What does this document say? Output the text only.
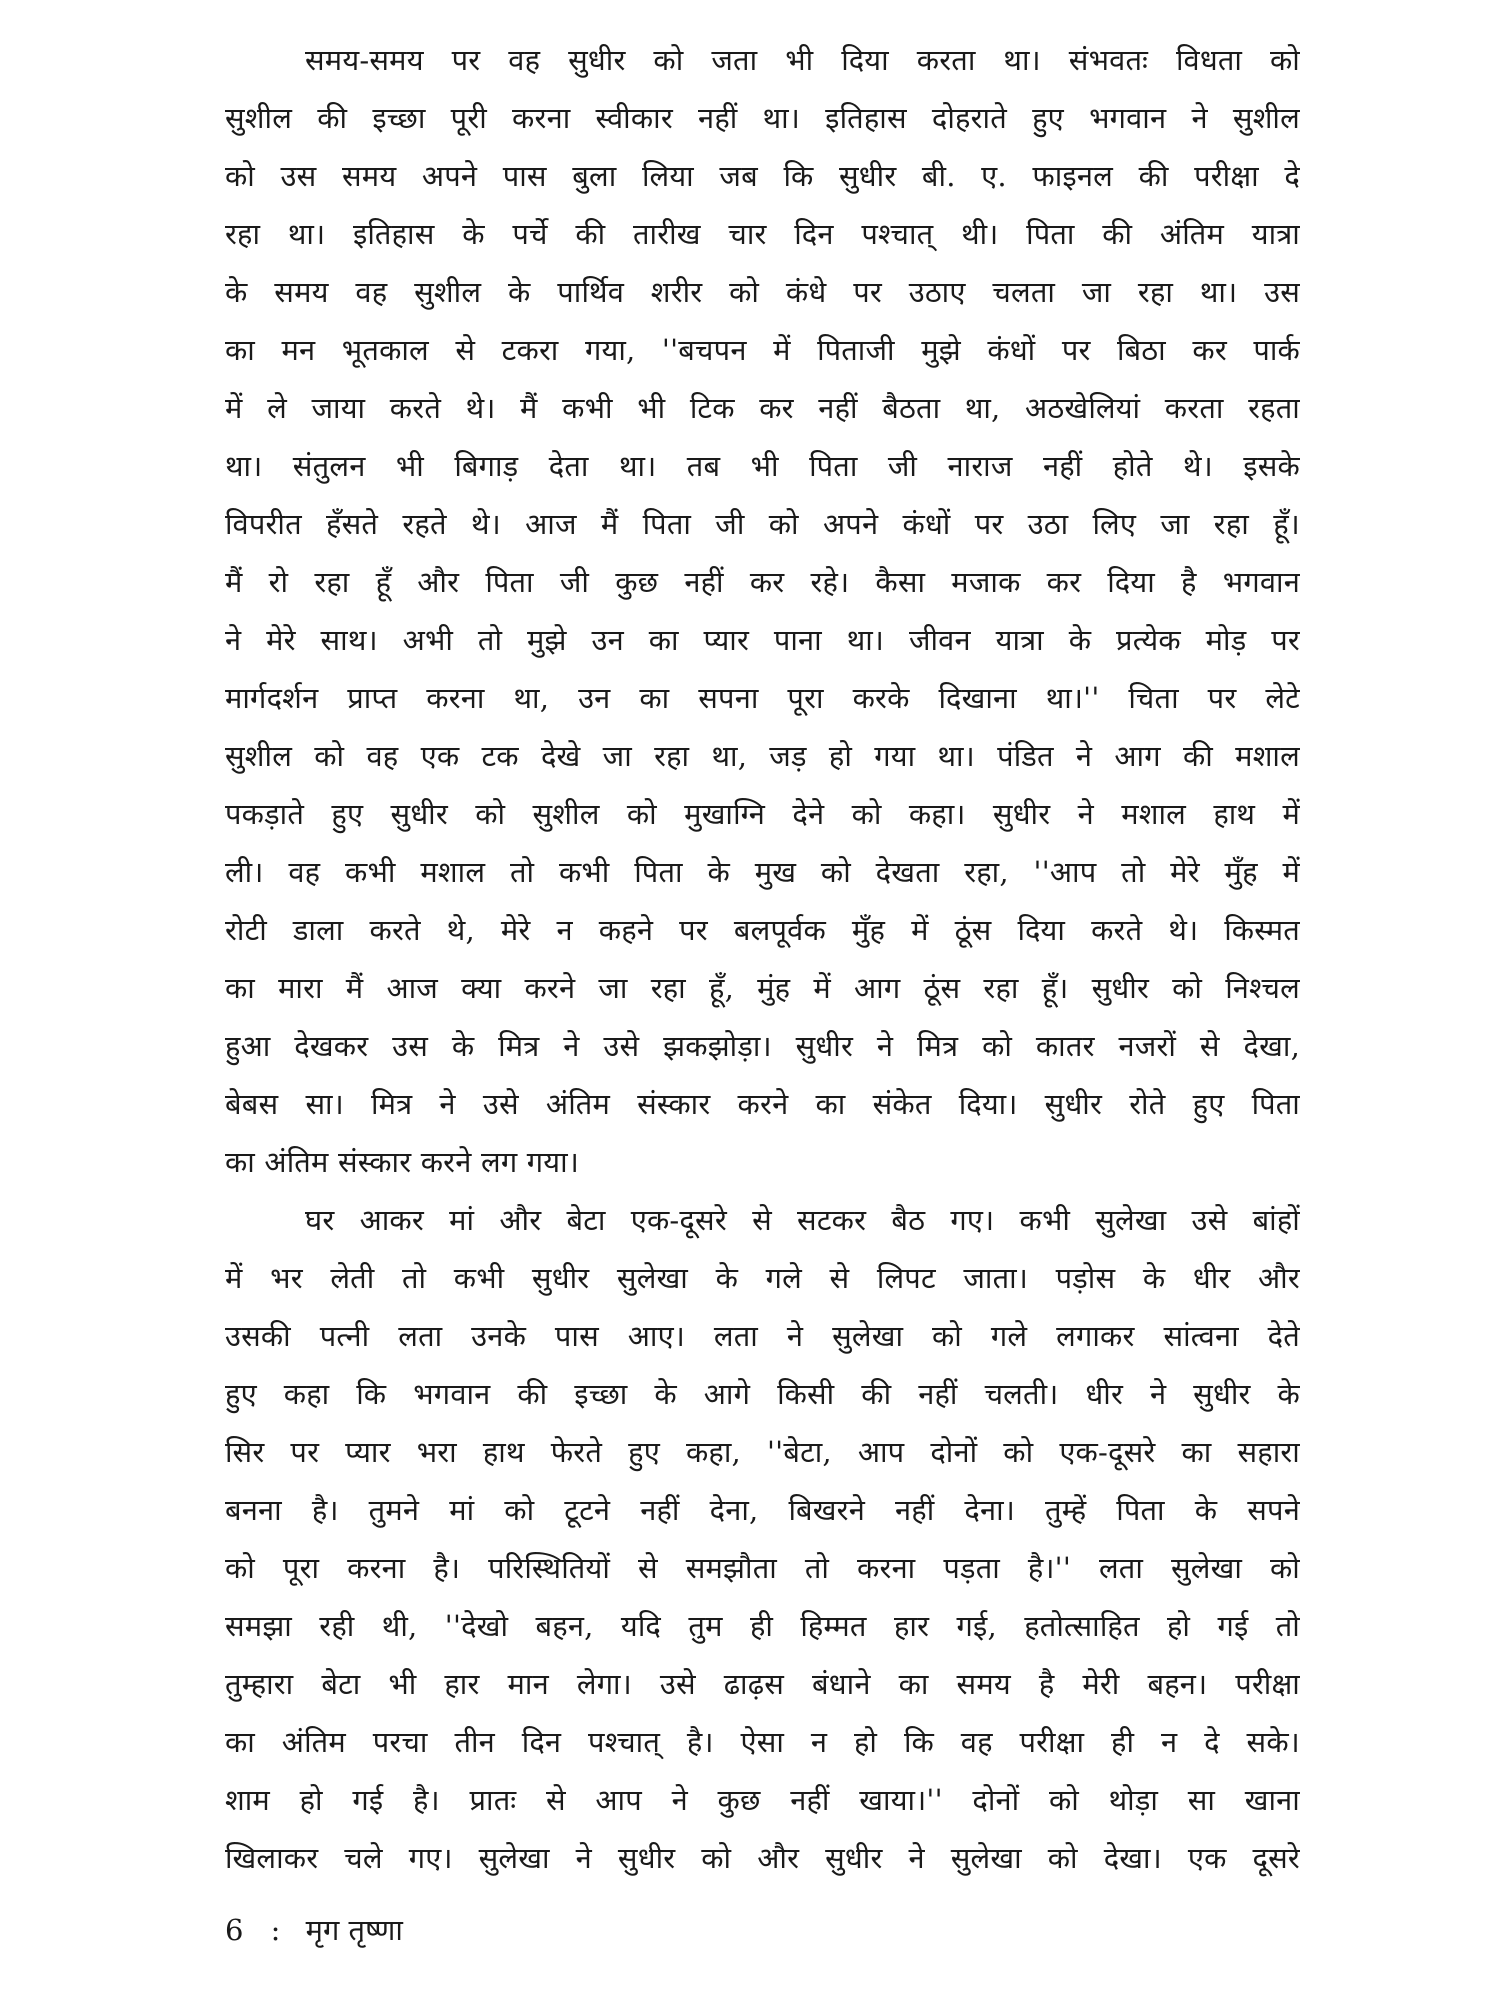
समय-समय पर वह सुधीर को जता भी दिया करता था। संभवतः विधता को
सुशील की इच्छा पूरी करना स्वीकार नहीं था। इतिहास दोहराते हुए भगवान ने सुशील
को उस समय अपने पास बुला लिया जब कि सुधीर बी. ए. फाइनल की परीक्षा दे
रहा था। इतिहास के पर्चे की तारीख चार दिन पश्चात् थी। पिता की अंतिम यात्रा
के समय वह सुशील के पार्थिव शरीर को कंधे पर उठाए चलता जा रहा था। उस
का मन भूतकाल से टकरा गया, ''बचपन में पिताजी मुझे कंधों पर बिठा कर पार्क
में ले जाया करते थे। मैं कभी भी टिक कर नहीं बैठता था, अठखेलियां करता रहता
था। संतुलन भी बिगाड़ देता था। तब भी पिता जी नाराज नहीं होते थे। इसके
विपरीत हँसते रहते थे। आज मैं पिता जी को अपने कंधों पर उठा लिए जा रहा हूँ।
मैं रो रहा हूँ और पिता जी कुछ नहीं कर रहे। कैसा मजाक कर दिया है भगवान
ने मेरे साथ। अभी तो मुझे उन का प्यार पाना था। जीवन यात्रा के प्रत्येक मोड़ पर
मार्गदर्शन प्राप्त करना था, उन का सपना पूरा करके दिखाना था।'' चिता पर लेटे
सुशील को वह एक टक देखे जा रहा था, जड़ हो गया था। पंडित ने आग की मशाल
पकड़ाते हुए सुधीर को सुशील को मुखाग्नि देने को कहा। सुधीर ने मशाल हाथ में
ली। वह कभी मशाल तो कभी पिता के मुख को देखता रहा, ''आप तो मेरे मुँह में
रोटी डाला करते थे, मेरे न कहने पर बलपूर्वक मुँह में ठूंस दिया करते थे। किस्मत
का मारा मैं आज क्या करने जा रहा हूँ, मुंह में आग ठूंस रहा हूँ। सुधीर को निश्चल
हुआ देखकर उस के मित्र ने उसे झकझोड़ा। सुधीर ने मित्र को कातर नजरों से देखा,
बेबस सा। मित्र ने उसे अंतिम संस्कार करने का संकेत दिया। सुधीर रोते हुए पिता
का अंतिम संस्कार करने लग गया।
घर आकर मां और बेटा एक-दूसरे से सटकर बैठ गए। कभी सुलेखा उसे बांहों
में भर लेती तो कभी सुधीर सुलेखा के गले से लिपट जाता। पड़ोस के धीर और
उसकी पत्नी लता उनके पास आए। लता ने सुलेखा को गले लगाकर सांत्वना देते
हुए कहा कि भगवान की इच्छा के आगे किसी की नहीं चलती। धीर ने सुधीर के
सिर पर प्यार भरा हाथ फेरते हुए कहा, ''बेटा, आप दोनों को एक-दूसरे का सहारा
बनना है। तुमने मां को टूटने नहीं देना, बिखरने नहीं देना। तुम्हें पिता के सपने
को पूरा करना है। परिस्थितियों से समझौता तो करना पड़ता है।'' लता सुलेखा को
समझा रही थी, ''देखो बहन, यदि तुम ही हिम्मत हार गई, हतोत्साहित हो गई तो
तुम्हारा बेटा भी हार मान लेगा। उसे ढाढ़स बंधाने का समय है मेरी बहन। परीक्षा
का अंतिम परचा तीन दिन पश्चात् है। ऐसा न हो कि वह परीक्षा ही न दे सके।
शाम हो गई है। प्रातः से आप ने कुछ नहीं खाया।'' दोनों को थोड़ा सा खाना
खिलाकर चले गए। सुलेखा ने सुधीर को और सुधीर ने सुलेखा को देखा। एक दूसरे
6 : मृग तृष्णा
